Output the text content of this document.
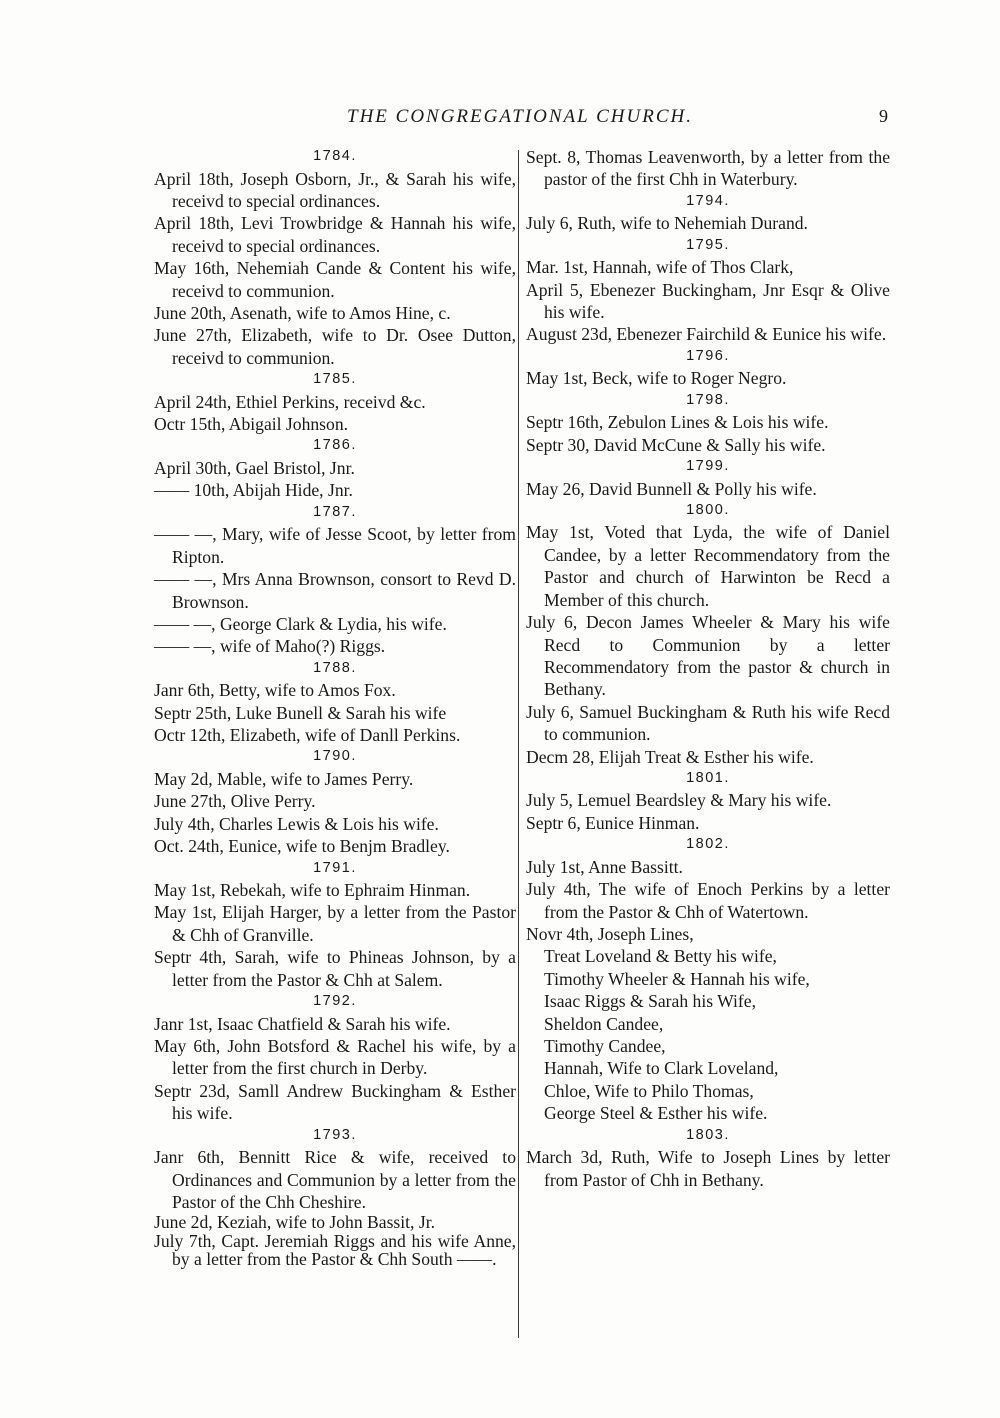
THE CONGREGATIONAL CHURCH.	9
1784.
April 18th, Joseph Osborn, Jr., & Sarah his wife, receivd to special ordinances.
April 18th, Levi Trowbridge & Hannah his wife, receivd to special ordinances.
May 16th, Nehemiah Cande & Content his wife, receivd to communion.
June 20th, Asenath, wife to Amos Hine, c.
June 27th, Elizabeth, wife to Dr. Osee Dutton, receivd to communion.
1785.
April 24th, Ethiel Perkins, receivd &c.
Octr 15th, Abigail Johnson.
1786.
April 30th, Gael Bristol, Jnr.
—— 10th, Abijah Hide, Jnr.
1787.
—— —, Mary, wife of Jesse Scoot, by letter from Ripton.
—— —, Mrs Anna Brownson, consort to Revd D. Brownson.
—— —, George Clark & Lydia, his wife.
—— —, wife of Maho(?) Riggs.
1788.
Janr 6th, Betty, wife to Amos Fox.
Septr 25th, Luke Bunell & Sarah his wife
Octr 12th, Elizabeth, wife of Danll Perkins.
1790.
May 2d, Mable, wife to James Perry.
June 27th, Olive Perry.
July 4th, Charles Lewis & Lois his wife.
Oct. 24th, Eunice, wife to Benjm Bradley.
1791.
May 1st, Rebekah, wife to Ephraim Hinman.
May 1st, Elijah Harger, by a letter from the Pastor & Chh of Granville.
Septr 4th, Sarah, wife to Phineas Johnson, by a letter from the Pastor & Chh at Salem.
1792.
Janr 1st, Isaac Chatfield & Sarah his wife.
May 6th, John Botsford & Rachel his wife, by a letter from the first church in Derby.
Septr 23d, Samll Andrew Buckingham & Esther his wife.
1793.
Janr 6th, Bennitt Rice & wife, received to Ordinances and Communion by a letter from the Pastor of the Chh Cheshire.
June 2d, Keziah, wife to John Bassit, Jr.
July 7th, Capt. Jeremiah Riggs and his wife Anne, by a letter from the Pastor & Chh South ——.
Sept. 8, Thomas Leavenworth, by a letter from the pastor of the first Chh in Waterbury.
1794.
July 6, Ruth, wife to Nehemiah Durand.
1795.
Mar. 1st, Hannah, wife of Thos Clark,
April 5, Ebenezer Buckingham, Jnr Esqr & Olive his wife.
August 23d, Ebenezer Fairchild & Eunice his wife.
1796.
May 1st, Beck, wife to Roger Negro.
1798.
Septr 16th, Zebulon Lines & Lois his wife.
Septr 30, David McCune & Sally his wife.
1799.
May 26, David Bunnell & Polly his wife.
1800.
May 1st, Voted that Lyda, the wife of Daniel Candee, by a letter Recommendatory from the Pastor and church of Harwinton be Recd a Member of this church.
July 6, Decon James Wheeler & Mary his wife Recd to Communion by a letter Recommendatory from the pastor & church in Bethany.
July 6, Samuel Buckingham & Ruth his wife Recd to communion.
Decm 28, Elijah Treat & Esther his wife.
1801.
July 5, Lemuel Beardsley & Mary his wife.
Septr 6, Eunice Hinman.
1802.
July 1st, Anne Bassitt.
July 4th, The wife of Enoch Perkins by a letter from the Pastor & Chh of Watertown.
Novr 4th, Joseph Lines,
Treat Loveland & Betty his wife,
Timothy Wheeler & Hannah his wife,
Isaac Riggs & Sarah his Wife,
Sheldon Candee,
Timothy Candee,
Hannah, Wife to Clark Loveland,
Chloe, Wife to Philo Thomas,
George Steel & Esther his wife.
1803.
March 3d, Ruth, Wife to Joseph Lines by letter from Pastor of Chh in Bethany.
